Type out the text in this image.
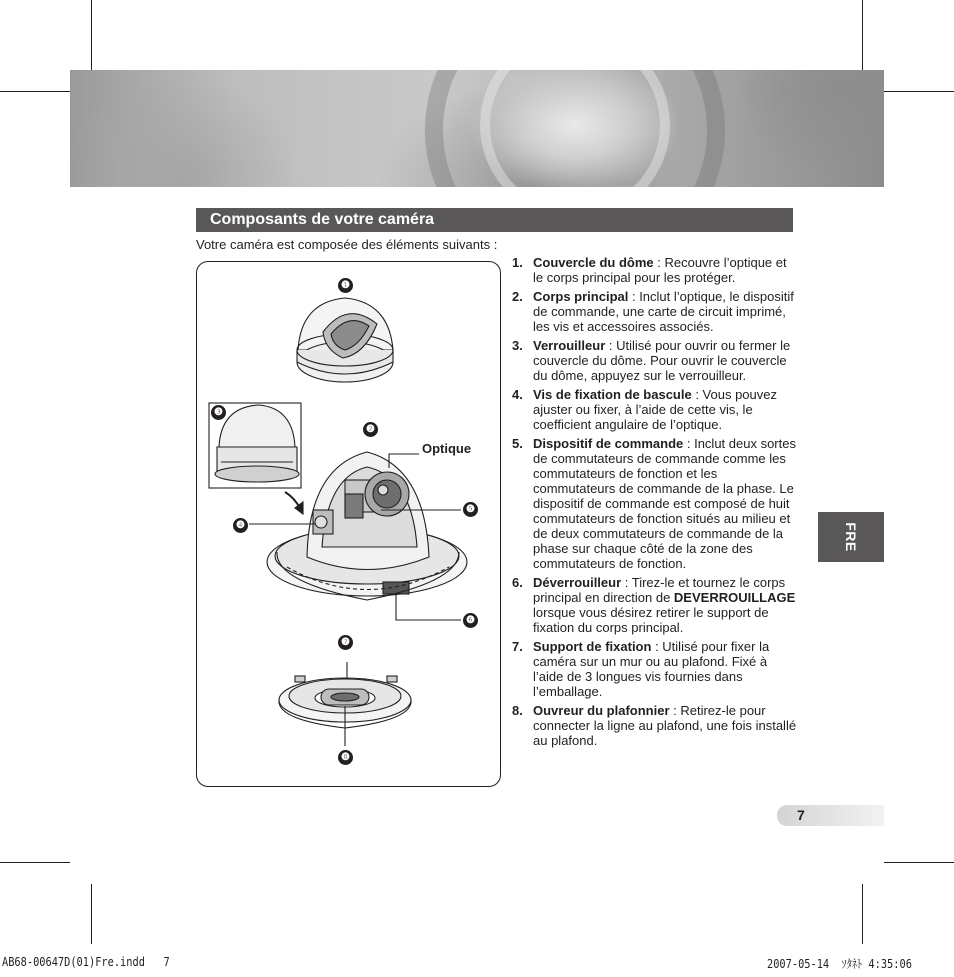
Composants de votre caméra
Votre caméra est composée des éléments suivants :
❶
❷
❸
❹
❺
❻
❼
❽
Optique
1. Couvercle du dôme : Recouvre l’optique et le corps principal pour les protéger.
2. Corps principal : Inclut l’optique, le dispositif de commande, une carte de circuit imprimé, les vis et accessoires associés.
3. Verrouilleur : Utilisé pour ouvrir ou fermer le couvercle du dôme. Pour ouvrir le couvercle du dôme, appuyez sur le verrouilleur.
4. Vis de fixation de bascule : Vous pouvez ajuster ou fixer, à l’aide de cette vis, le coefficient angulaire de l’optique.
5. Dispositif de commande : Inclut deux sortes de commutateurs de commande comme les commutateurs de fonction et les commutateurs de commande de la phase. Le dispositif de commande est composé de huit commutateurs de fonction situés au milieu et de deux commutateurs de commande de la phase sur chaque côté de la zone des commutateurs de fonction.
6. Déverrouilleur : Tirez-le et tournez le corps principal en direction de DEVERROUILLAGE lorsque vous désirez retirer le support de fixation du corps principal.
7. Support de fixation : Utilisé pour fixer la caméra sur un mur ou au plafond. Fixé à l’aide de 3 longues vis fournies dans l’emballage.
8. Ouvreur du plafonnier : Retirez-le pour connecter la ligne au plafond, une fois installé au plafond.
FRE
7
AB68-00647D(01)Fre.indd   7	2007-05-14  ｿﾀﾈﾄ 4:35:06
